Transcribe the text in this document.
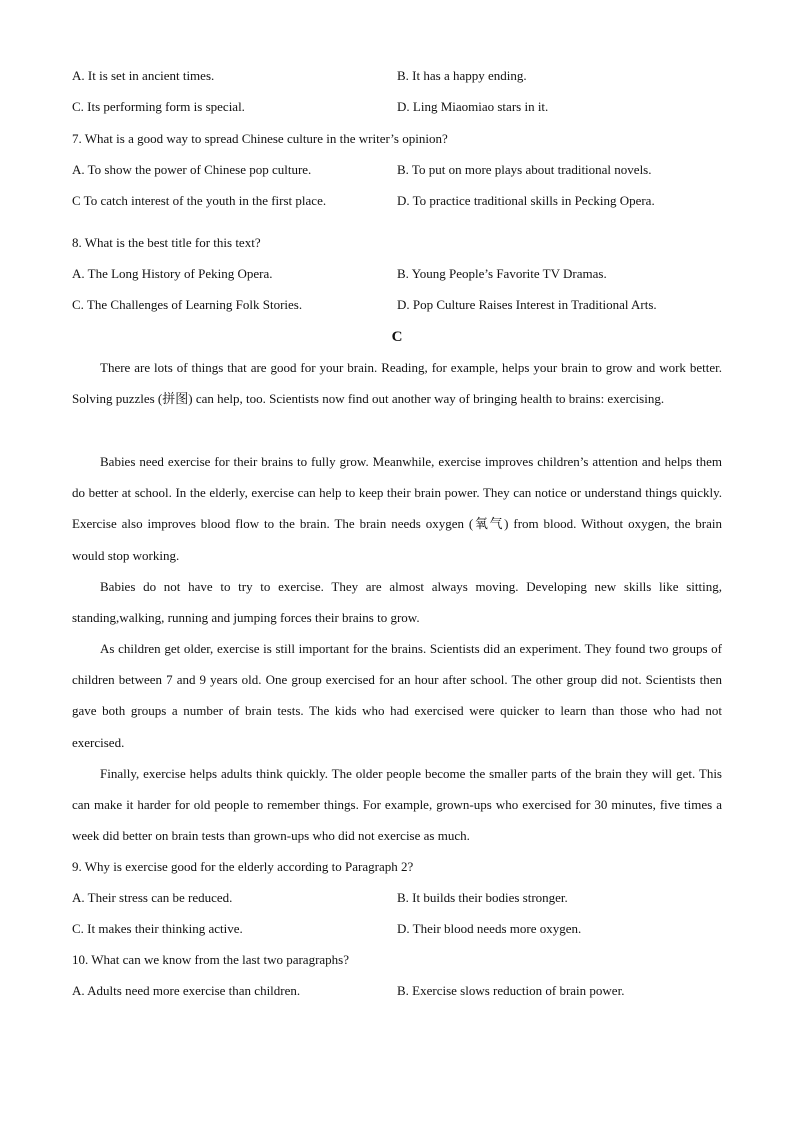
A. It is set in ancient times.	B. It has a happy ending.
C. Its performing form is special.	D. Ling Miaomiao stars in it.
7. What is a good way to spread Chinese culture in the writer’s opinion?
A. To show the power of Chinese pop culture.	B. To put on more plays about traditional novels.
C To catch interest of the youth in the first place.	D. To practice traditional skills in Pecking Opera.
8. What is the best title for this text?
A. The Long History of Peking Opera.	B. Young People’s Favorite TV Dramas.
C. The Challenges of Learning Folk Stories.	D. Pop Culture Raises Interest in Traditional Arts.
C

There are lots of things that are good for your brain. Reading, for example, helps your brain to grow and work better. Solving puzzles (拼图) can help, too. Scientists now find out another way of bringing health to brains: exercising.

Babies need exercise for their brains to fully grow. Meanwhile, exercise improves children’s attention and helps them do better at school. In the elderly, exercise can help to keep their brain power. They can notice or understand things quickly. Exercise also improves blood flow to the brain. The brain needs oxygen (氧气) from blood. Without oxygen, the brain would stop working.

Babies do not have to try to exercise. They are almost always moving. Developing new skills like sitting, standing,walking, running and jumping forces their brains to grow.

As children get older, exercise is still important for the brains. Scientists did an experiment. They found two groups of children between 7 and 9 years old. One group exercised for an hour after school. The other group did not. Scientists then gave both groups a number of brain tests. The kids who had exercised were quicker to learn than those who had not exercised.

Finally, exercise helps adults think quickly. The older people become the smaller parts of the brain they will get. This can make it harder for old people to remember things. For example, grown-ups who exercised for 30 minutes, five times a week did better on brain tests than grown-ups who did not exercise as much.

9. Why is exercise good for the elderly according to Paragraph 2?
A. Their stress can be reduced.	B. It builds their bodies stronger.
C. It makes their thinking active.	D. Their blood needs more oxygen.
10. What can we know from the last two paragraphs?
A. Adults need more exercise than children.	B. Exercise slows reduction of brain power.
